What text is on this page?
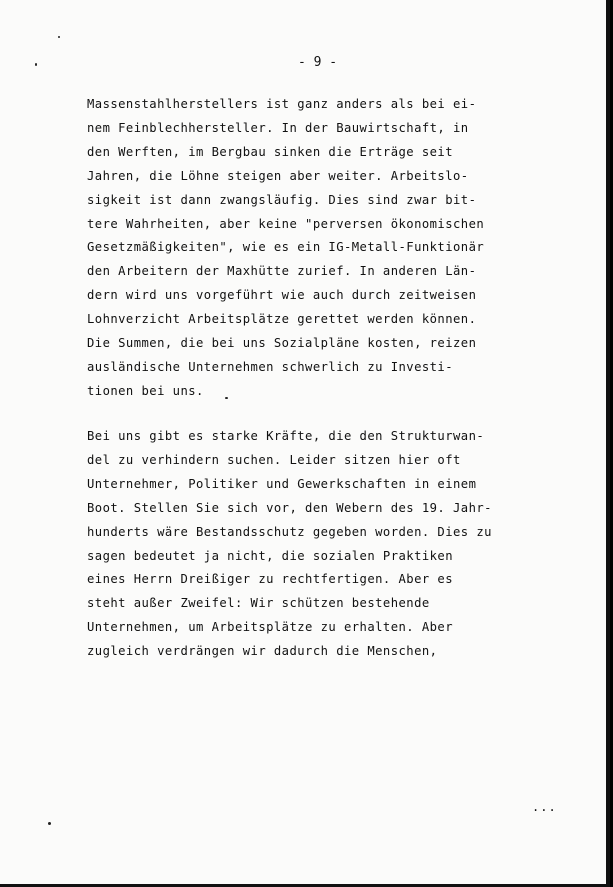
- 9 -
Massenstahlherstellers ist ganz anders als bei ei-
nem Feinblechhersteller. In der Bauwirtschaft, in
den Werften, im Bergbau sinken die Erträge seit
Jahren, die Löhne steigen aber weiter. Arbeitslo-
sigkeit ist dann zwangsläufig. Dies sind zwar bit-
tere Wahrheiten, aber keine "perversen ökonomischen
Gesetzmäßigkeiten", wie es ein IG-Metall-Funktionär
den Arbeitern der Maxhütte zurief. In anderen Län-
dern wird uns vorgeführt wie auch durch zeitweisen
Lohnverzicht Arbeitsplätze gerettet werden können.
Die Summen, die bei uns Sozialpläne kosten, reizen
ausländische Unternehmen schwerlich zu Investi-
tionen bei uns.
Bei uns gibt es starke Kräfte, die den Strukturwan-
del zu verhindern suchen. Leider sitzen hier oft
Unternehmer, Politiker und Gewerkschaften in einem
Boot. Stellen Sie sich vor, den Webern des 19. Jahr-
hunderts wäre Bestandsschutz gegeben worden. Dies zu
sagen bedeutet ja nicht, die sozialen Praktiken
eines Herrn Dreißiger zu rechtfertigen. Aber es
steht außer Zweifel: Wir schützen bestehende
Unternehmen, um Arbeitsplätze zu erhalten. Aber
zugleich verdrängen wir dadurch die Menschen,
...
